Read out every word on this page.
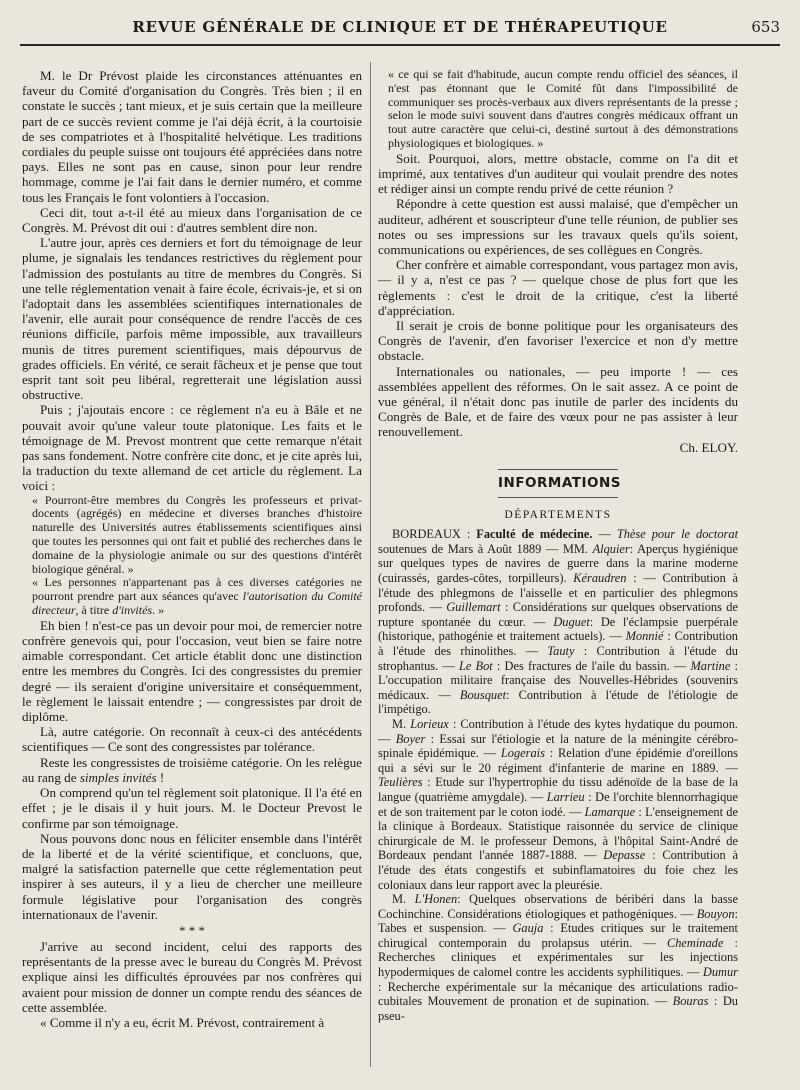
REVUE GÉNÉRALE DE CLINIQUE ET DE THÉRAPEUTIQUE	653

M. le Dr Prévost plaide les circonstances atténuantes en faveur du Comité d'organisation du Congrès. Très bien ; il en constate le succès ; tant mieux, et je suis certain que la meilleure part de ce succès revient comme je l'ai déjà écrit, à la courtoisie de ses compatriotes et à l'hospitalité helvétique. Les traditions cordiales du peuple suisse ont toujours été appréciées dans notre pays. Elles ne sont pas en cause, sinon pour leur rendre hommage, comme je l'ai fait dans le dernier numéro, et comme tous les Français le font volontiers à l'occasion.

Ceci dit, tout a-t-il été au mieux dans l'organisation de ce Congrès. M. Prévost dit oui : d'autres semblent dire non.

L'autre jour, après ces derniers et fort du témoignage de leur plume, je signalais les tendances restrictives du règlement pour l'admission des postulants au titre de membres du Congrès. Si une telle réglementation venait à faire école, écrivais-je, et si on l'adoptait dans les assemblées scientifiques internationales de l'avenir, elle aurait pour conséquence de rendre l'accès de ces réunions difficile, parfois même impossible, aux travailleurs munis de titres purement scientifiques, mais dépourvus de grades officiels. En vérité, ce serait fâcheux et je pense que tout esprit tant soit peu libéral, regretterait une législation aussi obstructive.

Puis ; j'ajoutais encore : ce règlement n'a eu à Bâle et ne pouvait avoir qu'une valeur toute platonique. Les faits et le témoignage de M. Prevost montrent que cette remarque n'était pas sans fondement. Notre confrère cite donc, et je cite après lui, la traduction du texte allemand de cet article du règlement. La voici :

« Pourront-être membres du Congrès les professeurs et privat-docents (agrégés) en médecine et diverses branches d'histoire naturelle des Universités autres établissements scientifiques ainsi que toutes les personnes qui ont fait et publié des recherches dans le domaine de la physiologie animale ou sur des questions d'intérêt biologique général. »

« Les personnes n'appartenant pas à ces diverses catégories ne pourront prendre part aux séances qu'avec l'autorisation du Comité directeur, à titre d'invités. »

Eh bien ! n'est-ce pas un devoir pour moi, de remercier notre confrère genevois qui, pour l'occasion, veut bien se faire notre aimable correspondant. Cet article établit donc une distinction entre les membres du Congrès. Ici des congressistes du premier degré — ils seraient d'origine universitaire et conséquemment, le règlement le laissait entendre ; — congressistes par droit de diplôme.

Là, autre catégorie. On reconnaît à ceux-ci des antécédents scientifiques — Ce sont des congressistes par tolérance.

Reste les congressistes de troisième catégorie. On les relègue au rang de simples invités !

On comprend qu'un tel règlement soit platonique. Il l'a été en effet ; je le disais il y huit jours. M. le Docteur Prevost le confirme par son témoignage.

Nous pouvons donc nous en féliciter ensemble dans l'intérêt de la liberté et de la vérité scientifique, et concluons, que, malgré la satisfaction paternelle que cette réglementation peut inspirer à ses auteurs, il y a lieu de chercher une meilleure formule législative pour l'organisation des congrès internationaux de l'avenir.

* * *

J'arrive au second incident, celui des rapports des représentants de la presse avec le bureau du Congrès M. Prévost explique ainsi les difficultés éprouvées par nos confrères qui avaient pour mission de donner un compte rendu des séances de cette assemblée.

« Comme il n'y a eu, écrit M. Prévost, contrairement à

« ce qui se fait d'habitude, aucun compte rendu officiel des séances, il n'est pas étonnant que le Comité fût dans l'impossibilité de communiquer ses procès-verbaux aux divers représentants de la presse ; selon le mode suivi souvent dans d'autres congrès médicaux offrant un tout autre caractère que celui-ci, destiné surtout à des démonstrations physiologiques et biologiques. »

Soit. Pourquoi, alors, mettre obstacle, comme on l'a dit et imprimé, aux tentatives d'un auditeur qui voulait prendre des notes et rédiger ainsi un compte rendu privé de cette réunion ?

Répondre à cette question est aussi malaisé, que d'empêcher un auditeur, adhérent et souscripteur d'une telle réunion, de publier ses notes ou ses impressions sur les travaux quels qu'ils soient, communications ou expériences, de ses collègues en Congrès.

Cher confrère et aimable correspondant, vous partagez mon avis, — il y a, n'est ce pas ? — quelque chose de plus fort que les règlements : c'est le droit de la critique, c'est la liberté d'appréciation.

Il serait je crois de bonne politique pour les organisateurs des Congrès de l'avenir, d'en favoriser l'exercice et non d'y mettre obstacle.

Internationales ou nationales, — peu importe ! — ces assemblées appellent des réformes. On le sait assez. A ce point de vue général, il n'était donc pas inutile de parler des incidents du Congrès de Bale, et de faire des vœux pour ne pas assister à leur renouvellement.

Ch. ELOY.
INFORMATIONS
DÉPARTEMENTS

BORDEAUX : Faculté de médecine. — Thèse pour le doctorat soutenues de Mars à Août 1889 — MM. Alquier: Aperçus hygiénique sur quelques types de navires de guerre dans la marine moderne (cuirassés, gardes-côtes, torpilleurs). Kéraudren : — Contribution à l'étude des phlegmons de l'aisselle et en particulier des phlegmons profonds. — Guillemart : Considérations sur quelques observations de rupture spontanée du cœur. — Duguet: De l'éclampsie puerpérale (historique, pathogénie et traitement actuels). — Monnié : Contribution à l'étude des rhinolithes. — Tauty : Contribution à l'étude du strophantus. — Le Bot : Des fractures de l'aile du bassin. — Martine : L'occupation militaire française des Nouvelles-Hébrides (souvenirs médicaux. — Bousquet: Contribution à l'étude de l'étiologie de l'impétigo.

M. Lorieux : Contribution à l'étude des kytes hydatique du poumon. — Boyer : Essai sur l'étiologie et la nature de la méningite cérébro-spinale épidémique. — Logerais : Relation d'une épidémie d'oreillons qui a sévi sur le 20 régiment d'infanterie de marine en 1889. — Teulières : Etude sur l'hypertrophie du tissu adénoïde de la base de la langue (quatrième amygdale). — Larrieu : De l'orchite blennorrhagique et de son traitement par le coton iodé. — Lamarque : L'enseignement de la clinique à Bordeaux. Statistique raisonnée du service de clinique chirurgicale de M. le professeur Demons, à l'hôpital Saint-André de Bordeaux pendant l'année 1887-1888. — Depasse : Contribution à l'étude des états congestifs et subinflamatoires du foie chez les coloniaux dans leur rapport avec la pleurésie.

M. L'Honen: Quelques observations de béribéri dans la basse Cochinchine. Considérations étiologiques et pathogéniques. — Bouyon: Tabes et suspension. — Gauja : Etudes critiques sur le traitement chirugical contemporain du prolapsus utérin. — Cheminade : Recherches cliniques et expérimentales sur les injections hypodermiques de calomel contre les accidents syphilitiques. — Dumur : Recherche expérimentale sur la mécanique des articulations radio-cubitales Mouvement de pronation et de supination. — Bouras : Du pseu-
